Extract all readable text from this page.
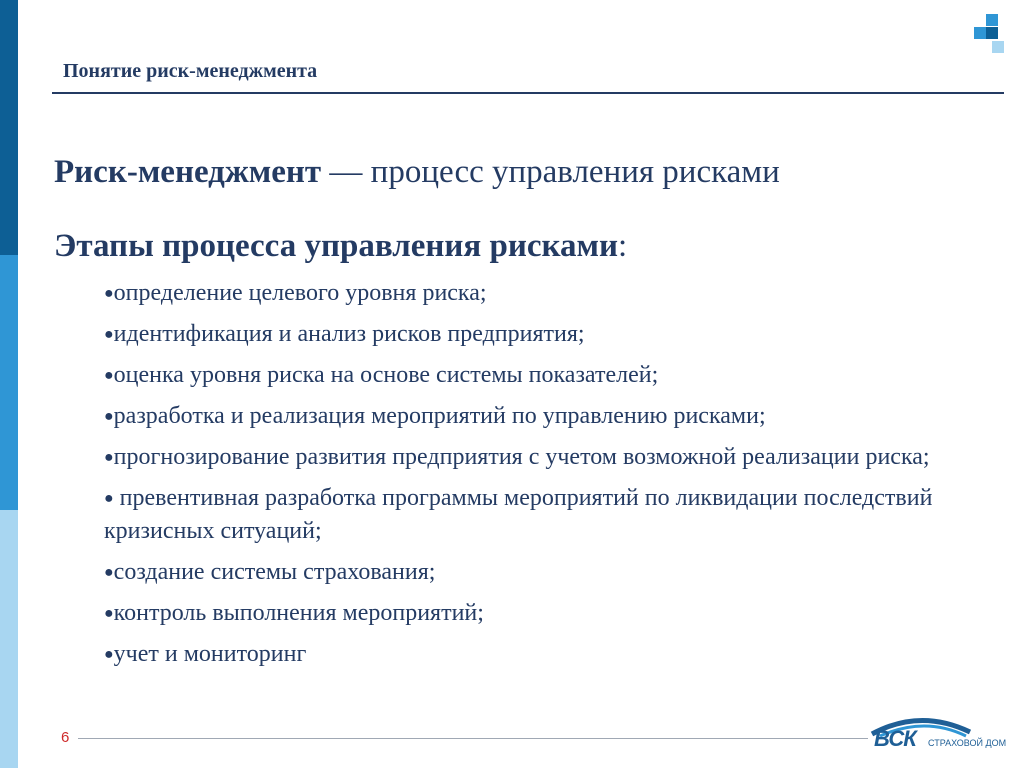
Понятие риск-менеджмента
Риск-менеджмент — процесс управления рисками
Этапы процесса управления рисками:
●определение целевого уровня риска;
●идентификация и анализ рисков предприятия;
●оценка уровня риска на основе системы показателей;
●разработка и реализация мероприятий по управлению рисками;
●прогнозирование развития предприятия с учетом возможной реализации риска;
● превентивная разработка программы мероприятий по ликвидации последствий кризисных ситуаций;
●создание системы страхования;
●контроль выполнения мероприятий;
●учет и мониторинг
6	ВСК СТРАХОВОЙ ДОМ
